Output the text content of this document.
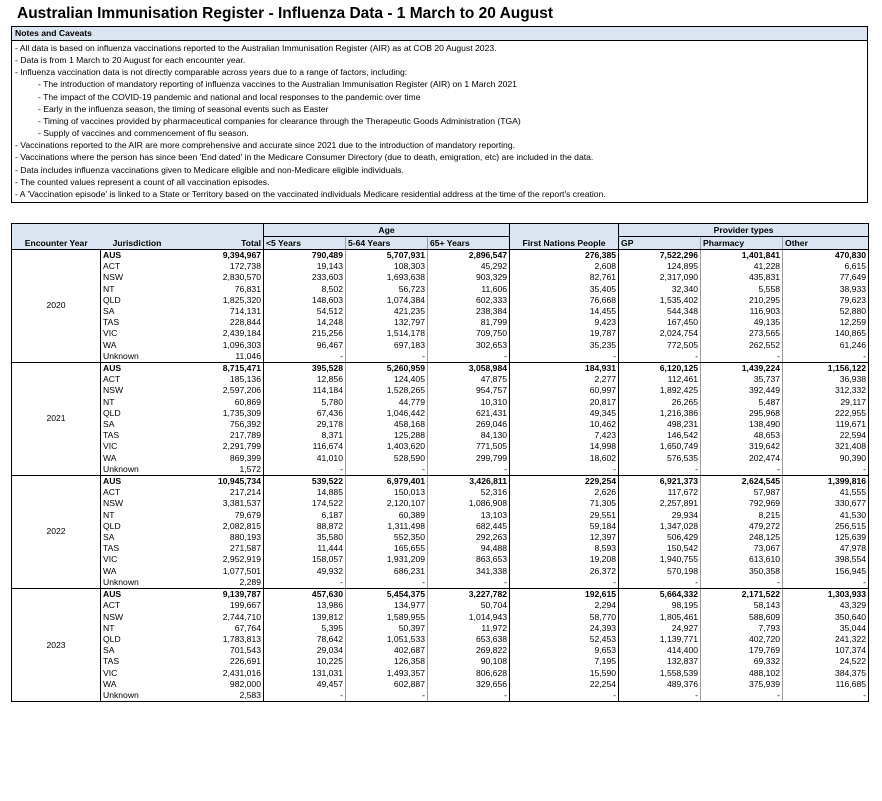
Australian Immunisation Register - Influenza Data - 1 March to 20 August
Notes and Caveats
- All data is based on influenza vaccinations reported to the Australian Immunisation Register (AIR) as at COB 20 August 2023.
- Data is from 1 March to 20 August for each encounter year.
- Influenza vaccination data is not directly comparable across years due to a range of factors, including:
- The introduction of mandatory reporting of influenza vaccines to the Australian Immunisation Register (AIR) on 1 March 2021
- The impact of the COVID-19 pandemic and national and local responses to the pandemic over time
- Early in the influenza season, the timing of seasonal events such as Easter
- Timing of vaccines provided by pharmaceutical companies for clearance through the Therapeutic Goods Administration (TGA)
- Supply of vaccines and commencement of flu season.
- Vaccinations reported to the AIR are more comprehensive and accurate since 2021 due to the introduction of mandatory reporting.
- Vaccinations where the person has since been 'End dated' in the Medicare Consumer Directory (due to death, emigration, etc) are included in the data.
- Data includes influenza vaccinations given to Medicare eligible and non-Medicare eligible individuals.
- The counted values represent a count of all vaccination episodes.
- A 'Vaccination episode' is linked to a State or Territory based on the vaccinated individuals Medicare residential address at the time of the report's creation.
			Age				Provider types		
Encounter Year	Jurisdiction	Total	<5 Years	5-64 Years	65+ Years	First Nations People	GP	Pharmacy	Other
2020	AUS	9,394,967	790,489	5,707,931	2,896,547	276,385	7,522,296	1,401,841	470,830
	ACT	172,738	19,143	108,303	45,292	2,608	124,895	41,228	6,615
	NSW	2,830,570	233,603	1,693,638	903,329	82,761	2,317,090	435,831	77,649
	NT	76,831	8,502	56,723	11,606	35,405	32,340	5,558	38,933
	QLD	1,825,320	148,603	1,074,384	602,333	76,668	1,535,402	210,295	79,623
	SA	714,131	54,512	421,235	238,384	14,455	544,348	116,903	52,880
	TAS	228,844	14,248	132,797	81,799	9,423	167,450	49,135	12,259
	VIC	2,439,184	215,256	1,514,178	709,750	19,787	2,024,754	273,565	140,865
	WA	1,096,303	96,467	697,183	302,653	35,235	772,505	262,552	61,246
	Unknown	11,046	-	-	-	-	-	-	-
2021	AUS	8,715,471	395,528	5,260,959	3,058,984	184,931	6,120,125	1,439,224	1,156,122
	ACT	185,136	12,856	124,405	47,875	2,277	112,461	35,737	36,938
	NSW	2,597,206	114,184	1,528,265	954,757	60,997	1,892,425	392,449	312,332
	NT	60,869	5,780	44,779	10,310	20,817	26,265	5,487	29,117
	QLD	1,735,309	67,436	1,046,442	621,431	49,345	1,216,386	295,968	222,955
	SA	756,392	29,178	458,168	269,046	10,462	498,231	138,490	119,671
	TAS	217,789	8,371	125,288	84,130	7,423	146,542	48,653	22,594
	VIC	2,291,799	116,674	1,403,620	771,505	14,998	1,650,749	319,642	321,408
	WA	869,399	41,010	528,590	299,799	18,602	576,535	202,474	90,390
	Unknown	1,572	-	-	-	-	-	-	-
2022	AUS	10,945,734	539,522	6,979,401	3,426,811	229,254	6,921,373	2,624,545	1,399,816
	ACT	217,214	14,885	150,013	52,316	2,626	117,672	57,987	41,555
	NSW	3,381,537	174,522	2,120,107	1,086,908	71,305	2,257,891	792,969	330,677
	NT	79,679	6,187	60,389	13,103	29,551	29,934	8,215	41,530
	QLD	2,082,815	88,872	1,311,498	682,445	59,184	1,347,028	479,272	256,515
	SA	880,193	35,580	552,350	292,263	12,397	506,429	248,125	125,639
	TAS	271,587	11,444	165,655	94,488	8,593	150,542	73,067	47,978
	VIC	2,952,919	158,057	1,931,209	863,653	19,208	1,940,755	613,610	398,554
	WA	1,077,501	49,932	686,231	341,338	26,372	570,198	350,358	156,945
	Unknown	2,289	-	-	-	-	-	-	-
2023	AUS	9,139,787	457,630	5,454,375	3,227,782	192,615	5,664,332	2,171,522	1,303,933
	ACT	199,667	13,986	134,977	50,704	2,294	98,195	58,143	43,329
	NSW	2,744,710	139,812	1,589,955	1,014,943	58,770	1,805,461	588,609	350,640
	NT	67,764	5,395	50,397	11,972	24,393	24,927	7,793	35,044
	QLD	1,783,813	78,642	1,051,533	653,638	52,453	1,139,771	402,720	241,322
	SA	701,543	29,034	402,687	269,822	9,653	414,400	179,769	107,374
	TAS	226,691	10,225	126,358	90,108	7,195	132,837	69,332	24,522
	VIC	2,431,016	131,031	1,493,357	806,628	15,590	1,558,539	488,102	384,375
	WA	982,000	49,457	602,887	329,656	22,254	489,376	375,939	116,685
	Unknown	2,583	-	-	-	-	-	-	-
